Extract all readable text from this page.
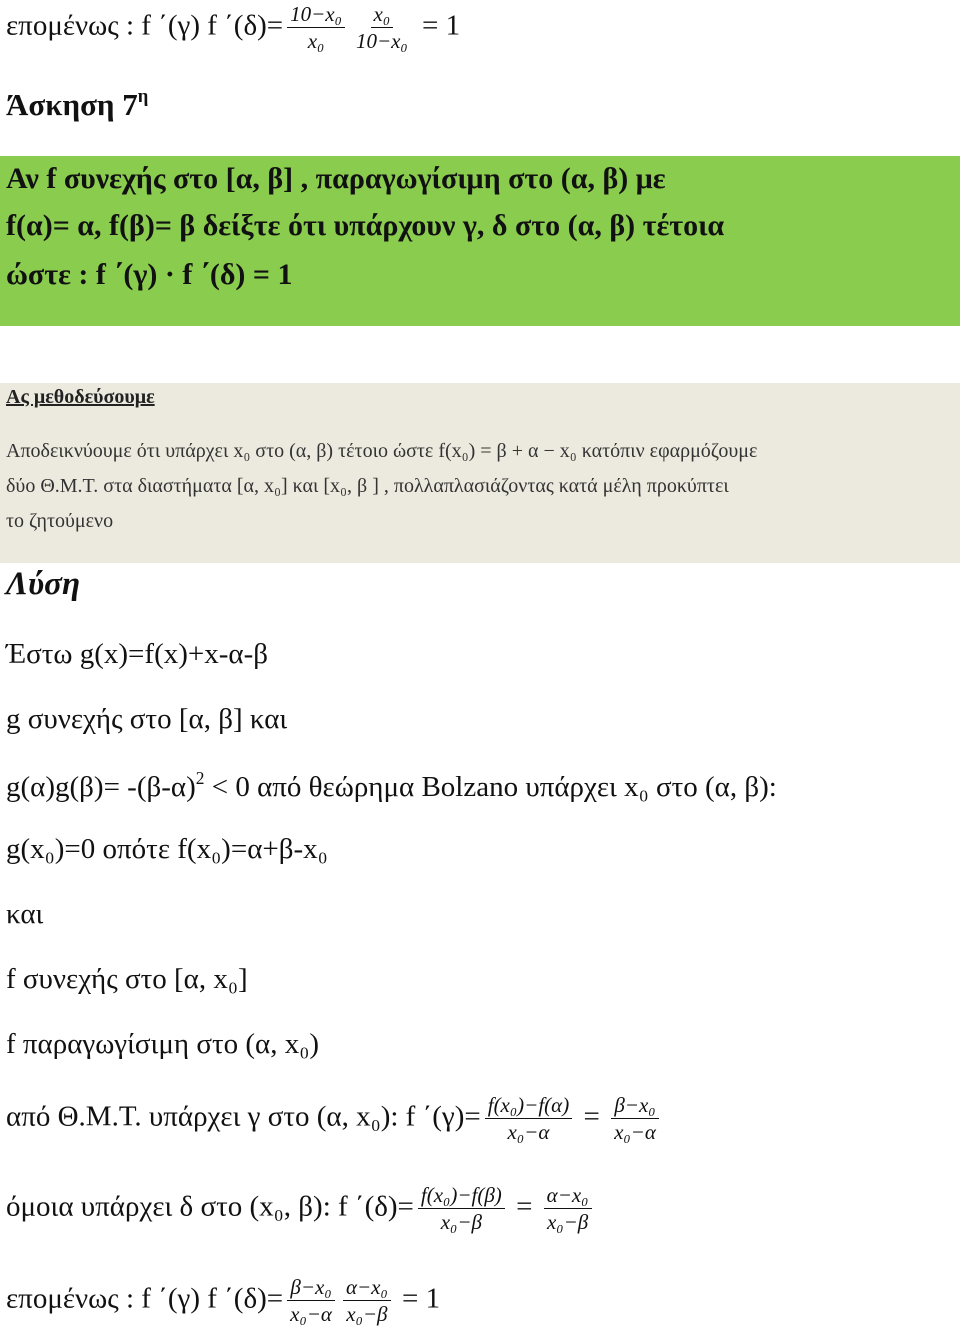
επομένως : f ΄(γ) f $΄(\delta)= \frac{\text{10−x₀}}{\text{x₀}} \frac{\text{x₀}}{\text{10−x₀}} = 1$
Άσκηση $7^\eta$
Αν f συνεχής στο [α, β] , παραγωγίσιμη στο (α, β) με
f(α)= α, f(β)= β δείξτε ότι υπάρχουν γ, δ στο (α, β) τέτοια
ώστε : f ΄(γ) · f ΄(δ) = 1
Ας μεθοδεύσουμε
Αποδεικνύουμε ότι υπάρχει x₀ στο (α, β) τέτοιο ώστε f(x₀) = β + α − x₀ κατόπιν εφαρμόζουμε
δύο Θ.Μ.Τ. στα διαστήματα [α, x₀] και [x₀, β ] , πολλαπλασιάζοντας κατά μέλη προκύπτει
το ζητούμενο
Λύση
Έστω g(x)=f(x)+x-α-β
g συνεχής στο [α, β] και
$g(\alpha)g(\beta)= -(\beta-\alpha)^2 < 0$ από θεώρημα Bolzano υπάρχει x₀ στο (α, β):
g(x₀)=0 οπότε f(x₀)=α+β-x₀
και
f συνεχής στο [α, x₀]
f παραγωγίσιμη στο (α, x₀)
από Θ.Μ.Τ. υπάρχει γ στο (α, x₀): f $΄(\gamma)= \frac{\text{f(x₀)−f(α)}}{\text{x₀−α}} = \frac{\text{β−x₀}}{\text{x₀−α}}$
όμοια υπάρχει δ στο (x₀, β): f $΄(\delta)= \frac{\text{f(x₀)−f(β)}}{\text{x₀−β}} = \frac{\text{α−x₀}}{\text{x₀−β}}$
επομένως : f ΄(γ) f $΄(\delta)= \frac{\text{β−x₀}}{\text{x₀−α}} \frac{\text{α−x₀}}{\text{x₀−β}} = 1$
